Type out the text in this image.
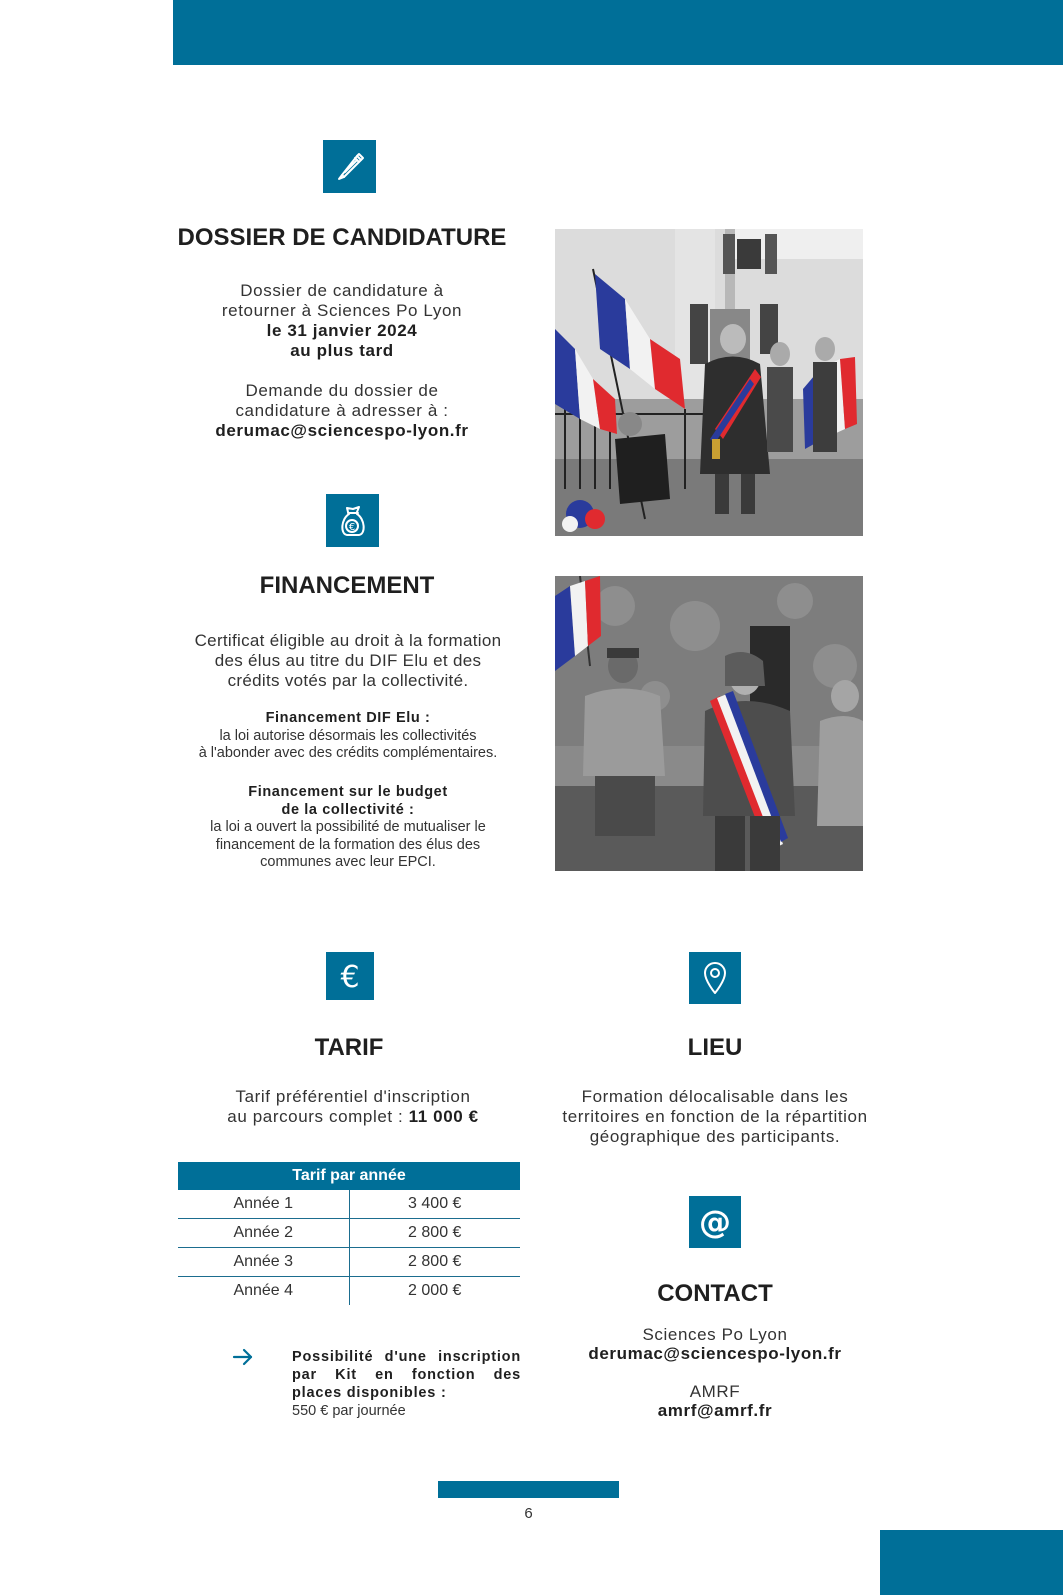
DOSSIER DE CANDIDATURE
Dossier de candidature à
retourner à Sciences Po Lyon
le 31 janvier 2024
au plus tard
Demande du dossier de
candidature à adresser à :
derumac@sciencespo-lyon.fr
€
FINANCEMENT
Certificat éligible au droit à la formation
des élus au titre du DIF Elu et des
crédits votés par la collectivité.
Financement DIF Elu :
la loi autorise désormais les collectivités
à l'abonder avec des crédits complémentaires.
Financement sur le budget
de la collectivité :
la loi a ouvert la possibilité de mutualiser le
financement de la formation des élus des
communes avec leur EPCI.
€
TARIF
Tarif préférentiel d'inscription
au parcours complet : 11 000 €
Tarif par année	
Année 1	3 400 €
Année 2	2 800 €
Année 3	2 800 €
Année 4	2 000 €
Possibilité d'une inscription
par Kit en fonction des
places disponibles :
550 € par journée
LIEU
Formation délocalisable dans les
territoires en fonction de la répartition
géographique des participants.
@
CONTACT
Sciences Po Lyon
derumac@sciencespo-lyon.fr
AMRF
amrf@amrf.fr
6
